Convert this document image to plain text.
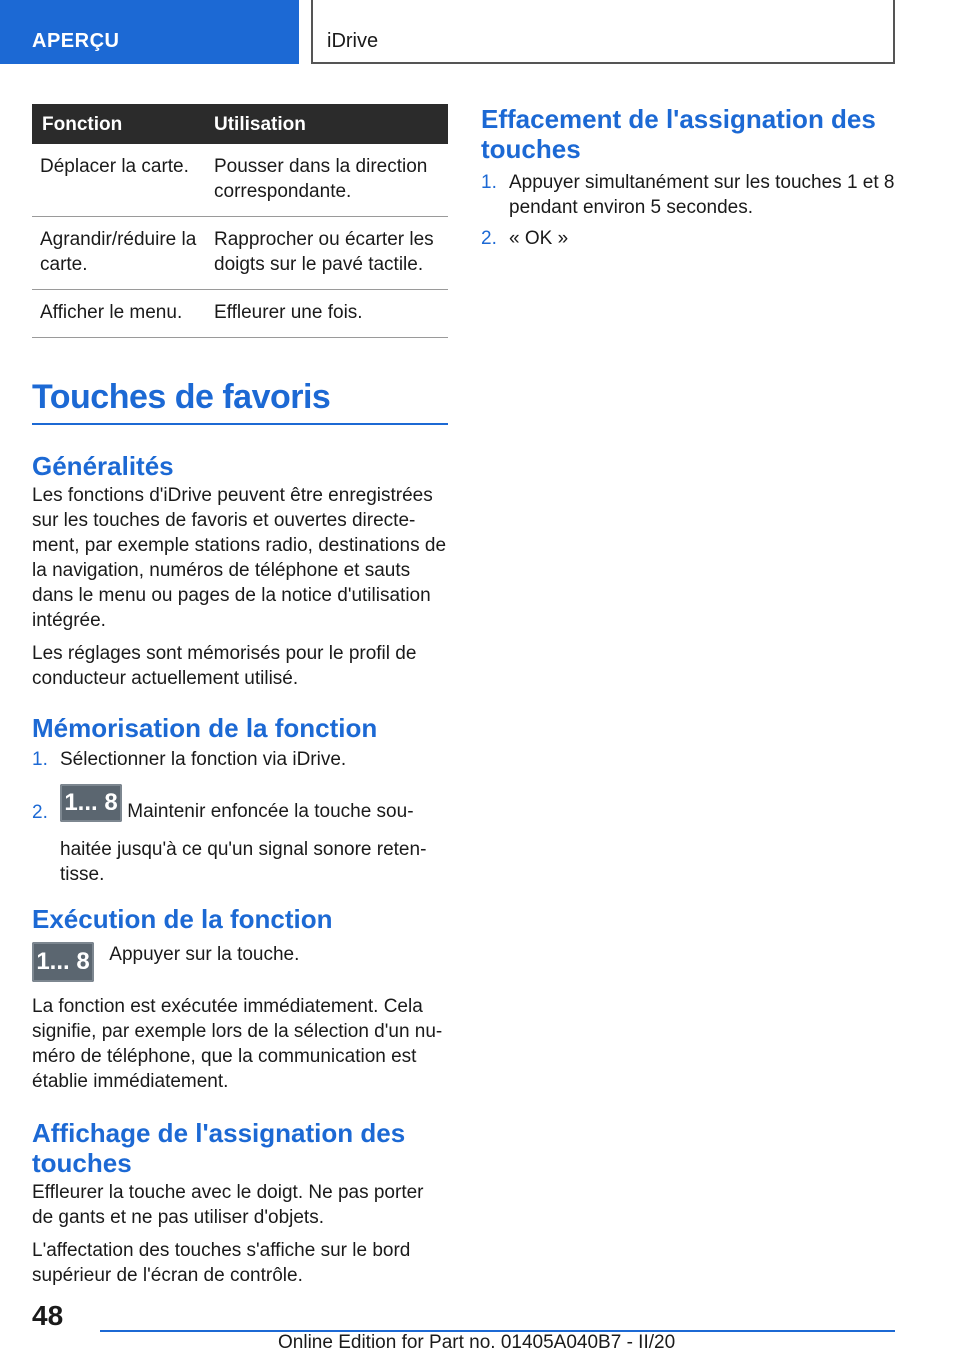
APERÇU	iDrive
Fonction	Utilisation
Déplacer la carte.	Pousser dans la direction correspondante.
Agrandir/réduire la carte.	Rapprocher ou écarter les doigts sur le pavé tactile.
Afficher le menu.	Effleurer une fois.
Touches de favoris
Généralités

Les fonctions d'iDrive peuvent être enregistrées sur les touches de favoris et ouvertes directement, par exemple stations radio, destinations de la navigation, numéros de téléphone et sauts dans le menu ou pages de la notice d'utilisation intégrée.

Les réglages sont mémorisés pour le profil de conducteur actuellement utilisé.

Mémorisation de la fonction
1. Sélectionner la fonction via iDrive.
2. 1... 8 Maintenir enfoncée la touche souhaitée jusqu'à ce qu'un signal sonore retentisse.
Exécution de la fonction
1... 8 Appuyer sur la touche.

La fonction est exécutée immédiatement. Cela signifie, par exemple lors de la sélection d'un numéro de téléphone, que la communication est établie immédiatement.

Affichage de l'assignation des touches

Effleurer la touche avec le doigt. Ne pas porter de gants et ne pas utiliser d'objets.

L'affectation des touches s'affiche sur le bord supérieur de l'écran de contrôle.

Effacement de l'assignation des touches
1. Appuyer simultanément sur les touches 1 et 8 pendant environ 5 secondes.
2. « OK »
48
Online Edition for Part no. 01405A040B7 - II/20
